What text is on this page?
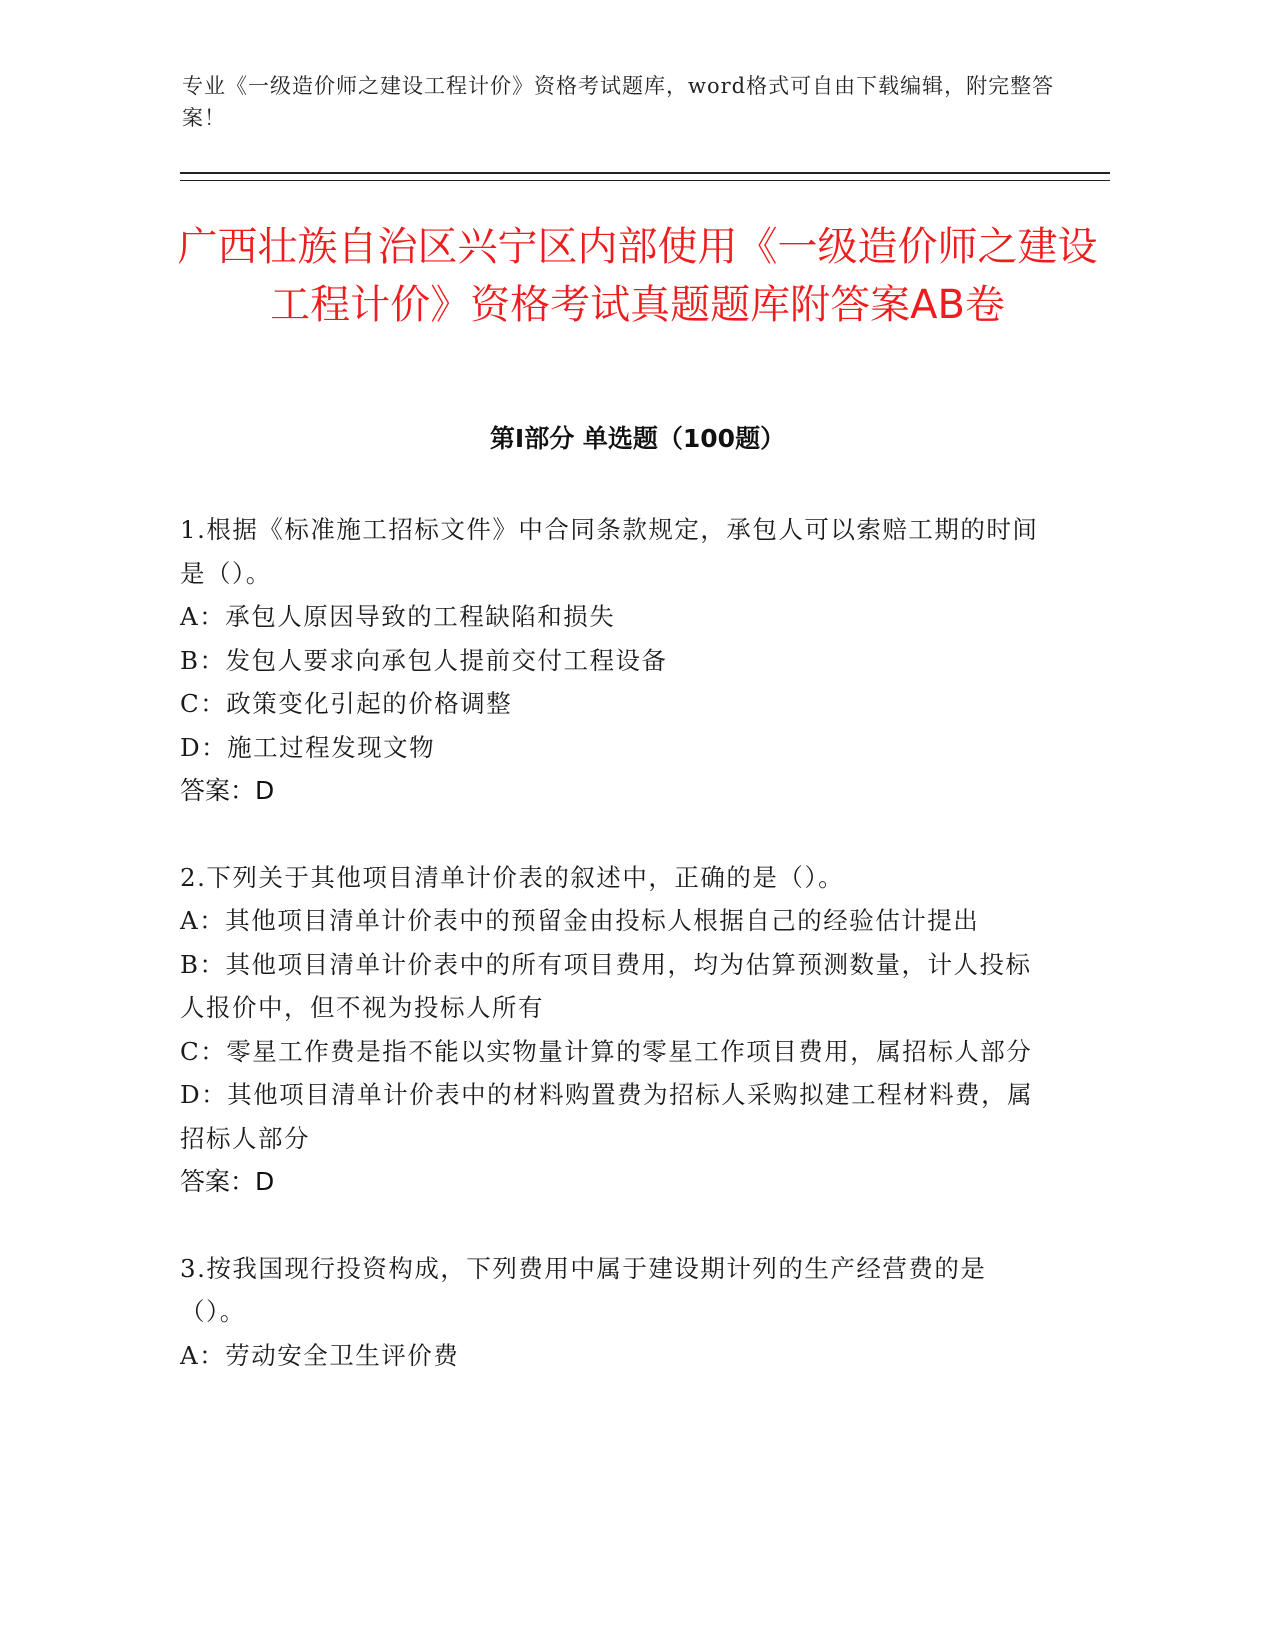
专业《一级造价师之建设工程计价》资格考试题库，word格式可自由下载编辑，附完整答案！
广西壮族自治区兴宁区内部使用《一级造价师之建设工程计价》资格考试真题题库附答案AB卷
第I部分 单选题（100题）

1.根据《标准施工招标文件》中合同条款规定，承包人可以索赔工期的时间是（）。

A：承包人原因导致的工程缺陷和损失

B：发包人要求向承包人提前交付工程设备

C：政策变化引起的价格调整

D：施工过程发现文物

答案：D

2.下列关于其他项目清单计价表的叙述中，正确的是（）。

A：其他项目清单计价表中的预留金由投标人根据自己的经验估计提出

B：其他项目清单计价表中的所有项目费用，均为估算预测数量，计人投标人报价中，但不视为投标人所有

C：零星工作费是指不能以实物量计算的零星工作项目费用，属招标人部分

D：其他项目清单计价表中的材料购置费为招标人采购拟建工程材料费，属招标人部分

答案：D

3.按我国现行投资构成，下列费用中属于建设期计列的生产经营费的是（）。

A：劳动安全卫生评价费
